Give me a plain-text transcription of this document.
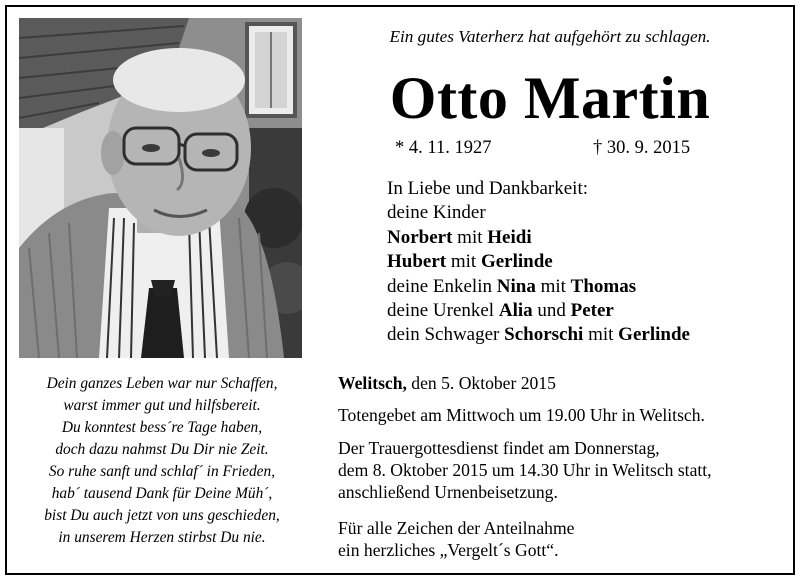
Dein ganzes Leben war nur Schaffen,
warst immer gut und hilfsbereit.
Du konntest bess´re Tage haben,
doch dazu nahmst Du Dir nie Zeit.
So ruhe sanft und schlaf´ in Frieden,
hab´ tausend Dank für Deine Müh´,
bist Du auch jetzt von uns geschieden,
in unserem Herzen stirbst Du nie.
Ein gutes Vaterherz hat aufgehört zu schlagen.
Otto Martin
* 4. 11. 1927	† 30. 9. 2015
In Liebe und Dankbarkeit:
deine Kinder
Norbert mit Heidi
Hubert mit Gerlinde
deine Enkelin Nina mit Thomas
deine Urenkel Alia und Peter
dein Schwager Schorschi mit Gerlinde
Welitsch, den 5. Oktober 2015
Totengebet am Mittwoch um 19.00 Uhr in Welitsch.
Der Trauergottesdienst findet am Donnerstag,
dem 8. Oktober 2015 um 14.30 Uhr in Welitsch statt,
anschließend Urnenbeisetzung.
Für alle Zeichen der Anteilnahme
ein herzliches „Vergelt´s Gott“.
